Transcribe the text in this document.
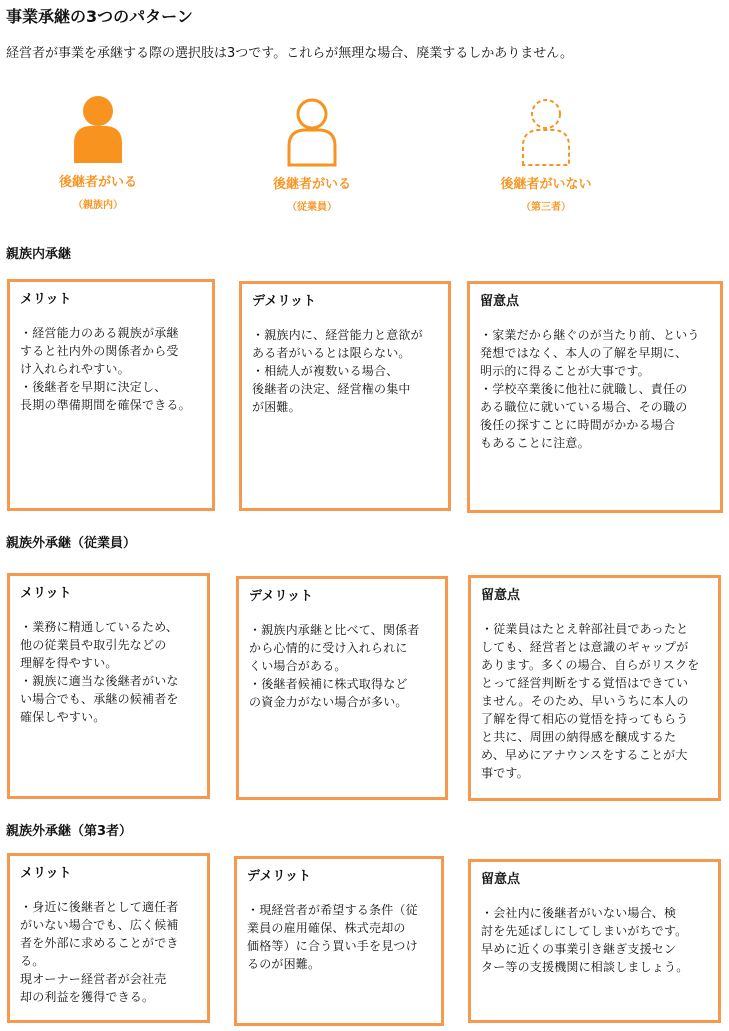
事業承継の3つのパターン

経営者が事業を承継する際の選択肢は3つです。これらが無理な場合、廃業するしかありません。

後継者がいる
（親族内）
後継者がいる
（従業員）
後継者がいない
（第三者）
親族内承継
メリット
・経営能力のある親族が承継
すると社内外の関係者から受
け入れられやすい。
・後継者を早期に決定し、
長期の準備期間を確保できる。
デメリット
・親族内に、経営能力と意欲が
ある者がいるとは限らない。
・相続人が複数いる場合、
後継者の決定、経営権の集中
が困難。
留意点
・家業だから継ぐのが当たり前、という
発想ではなく、本人の了解を早期に、
明示的に得ることが大事です。
・学校卒業後に他社に就職し、責任の
ある職位に就いている場合、その職の
後任の探すことに時間がかかる場合
もあることに注意。
親族外承継（従業員）
メリット
・業務に精通しているため、
他の従業員や取引先などの
理解を得やすい。
・親族に適当な後継者がいな
い場合でも、承継の候補者を
確保しやすい。
デメリット
・親族内承継と比べて、関係者
から心情的に受け入れられに
くい場合がある。
・後継者候補に株式取得など
の資金力がない場合が多い。
留意点
・従業員はたとえ幹部社員であったと
しても、経営者とは意識のギャップが
あります。多くの場合、自らがリスクを
とって経営判断をする覚悟はできてい
ません。そのため、早いうちに本人の
了解を得て相応の覚悟を持ってもらう
と共に、周囲の納得感を醸成するた
め、早めにアナウンスをすることが大
事です。
親族外承継（第3者）
メリット
・身近に後継者として適任者
がいない場合でも、広く候補
者を外部に求めることができ
る。
現オーナー経営者が会社売
却の利益を獲得できる。
デメリット
・現経営者が希望する条件（従
業員の雇用確保、株式売却の
価格等）に合う買い手を見つけ
るのが困難。
留意点
・会社内に後継者がいない場合、検
討を先延ばしにしてしまいがちです。
早めに近くの事業引き継ぎ支援セン
ター等の支援機関に相談しましょう。
